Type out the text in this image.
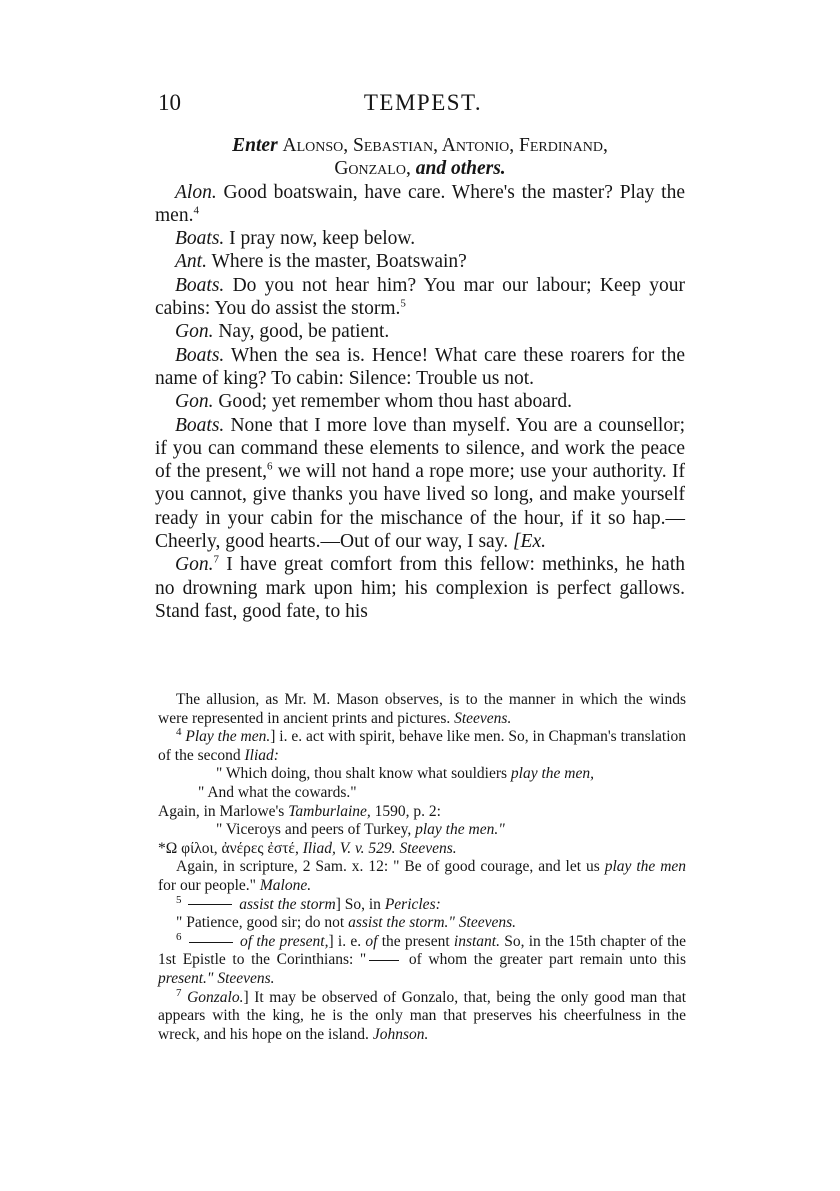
10	TEMPEST.

Enter Alonso, Sebastian, Antonio, Ferdinand,
Gonzalo, and others.

Alon. Good boatswain, have care. Where's the master? Play the men.$^4$

Boats. I pray now, keep below.

Ant. Where is the master, Boatswain?

Boats. Do you not hear him? You mar our labour; Keep your cabins: You do assist the storm.$^5$

Gon. Nay, good, be patient.

Boats. When the sea is. Hence! What care these roarers for the name of king? To cabin: Silence: Trouble us not.

Gon. Good; yet remember whom thou hast aboard.

Boats. None that I more love than myself. You are a counsellor; if you can command these elements to silence, and work the peace of the present,$^6$ we will not hand a rope more; use your authority. If you cannot, give thanks you have lived so long, and make yourself ready in your cabin for the mischance of the hour, if it so hap.—Cheerly, good hearts.—Out of our way, I say. [Ex.

Gon.$^7$ I have great comfort from this fellow: methinks, he hath no drowning mark upon him; his complexion is perfect gallows. Stand fast, good fate, to his

The allusion, as Mr. M. Mason observes, is to the manner in which the winds were represented in ancient prints and pictures. Steevens.

$^4$ Play the men.] i. e. act with spirit, behave like men. So, in Chapman's translation of the second Iliad:

" Which doing, thou shalt know what souldiers play the men,
" And what the cowards."

Again, in Marlowe's Tamburlaine, 1590, p. 2:

" Viceroys and peers of Turkey, play the men."

*Ω φίλοι, ἀνέρες ἐστέ, Iliad, V. v. 529. Steevens.

Again, in scripture, 2 Sam. x. 12: " Be of good courage, and let us play the men for our people." Malone.

$^5$	assist the storm] So, in Pericles:

" Patience, good sir; do not assist the storm." Steevens.

$^6$	of the present,] i. e. of the present instant. So, in the 15th chapter of the 1st Epistle to the Corinthians: "	of whom the greater part remain unto this present." Steevens.

$^7$ Gonzalo.] It may be observed of Gonzalo, that, being the only good man that appears with the king, he is the only man that preserves his cheerfulness in the wreck, and his hope on the island. Johnson.
